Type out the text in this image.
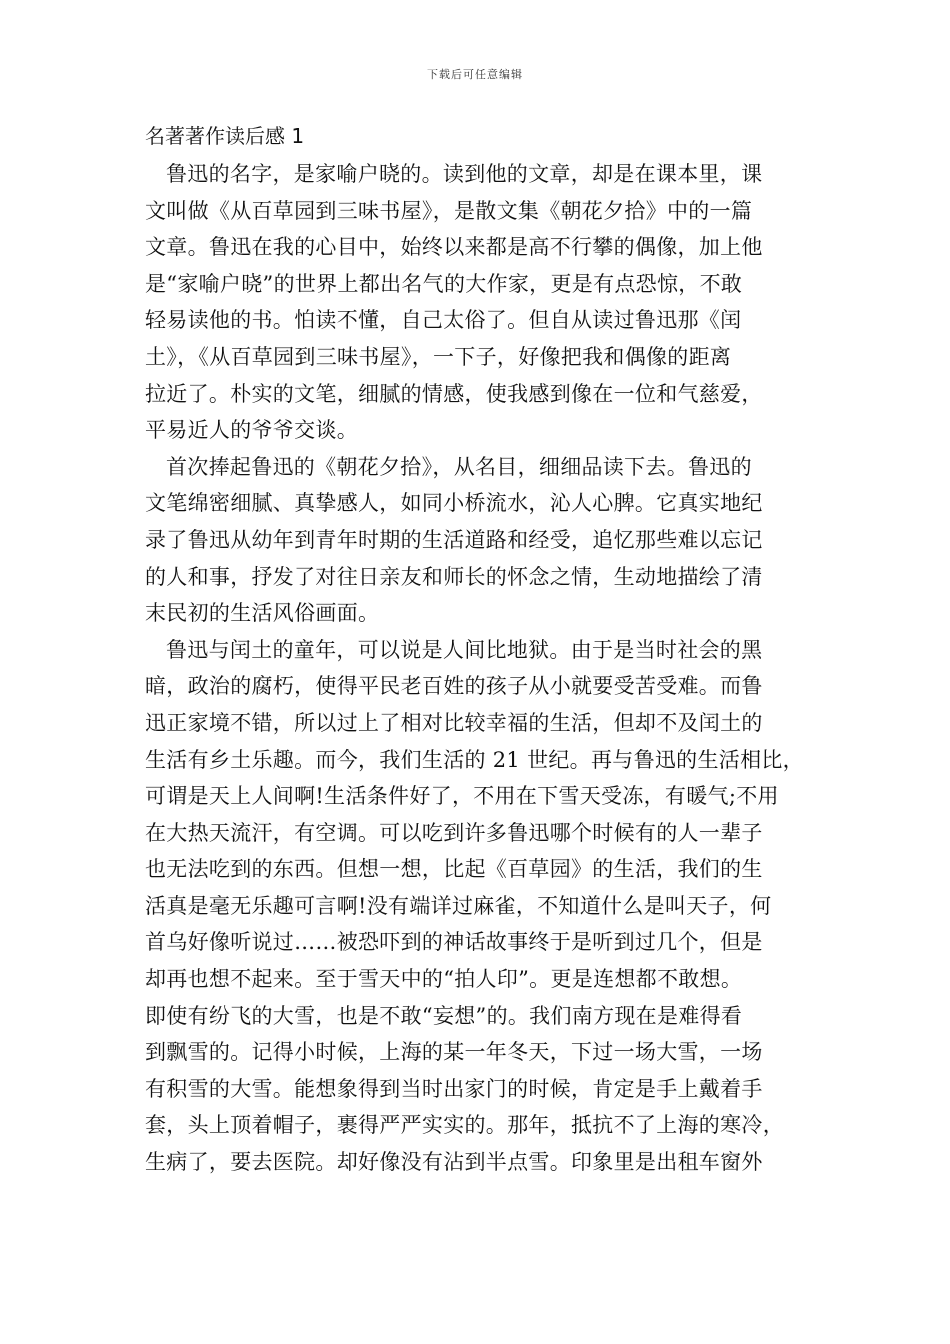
下载后可任意编辑
名著著作读后感 1
鲁迅的名字，是家喻户晓的。读到他的文章，却是在课本里，课
文叫做《从百草园到三味书屋》，是散文集《朝花夕拾》中的一篇
文章。鲁迅在我的心目中，始终以来都是高不行攀的偶像，加上他
是“家喻户晓”的世界上都出名气的大作家，更是有点恐惊，不敢
轻易读他的书。怕读不懂，自己太俗了。但自从读过鲁迅那《闰
土》，《从百草园到三味书屋》，一下子，好像把我和偶像的距离
拉近了。朴实的文笔，细腻的情感，使我感到像在一位和气慈爱，
平易近人的爷爷交谈。
首次捧起鲁迅的《朝花夕拾》，从名目，细细品读下去。鲁迅的
文笔绵密细腻、真挚感人，如同小桥流水，沁人心脾。它真实地纪
录了鲁迅从幼年到青年时期的生活道路和经受，追忆那些难以忘记
的人和事，抒发了对往日亲友和师长的怀念之情，生动地描绘了清
末民初的生活风俗画面。
鲁迅与闰土的童年，可以说是人间比地狱。由于是当时社会的黑
暗，政治的腐朽，使得平民老百姓的孩子从小就要受苦受难。而鲁
迅正家境不错，所以过上了相对比较幸福的生活，但却不及闰土的
生活有乡土乐趣。而今，我们生活的 21 世纪。再与鲁迅的生活相比，
可谓是天上人间啊!生活条件好了，不用在下雪天受冻，有暖气;不用
在大热天流汗，有空调。可以吃到许多鲁迅哪个时候有的人一辈子
也无法吃到的东西。但想一想，比起《百草园》的生活，我们的生
活真是毫无乐趣可言啊!没有端详过麻雀，不知道什么是叫天子，何
首乌好像听说过……被恐吓到的神话故事终于是听到过几个，但是
却再也想不起来。至于雪天中的“拍人印”。更是连想都不敢想。
即使有纷飞的大雪，也是不敢“妄想”的。我们南方现在是难得看
到飘雪的。记得小时候，上海的某一年冬天，下过一场大雪，一场
有积雪的大雪。能想象得到当时出家门的时候，肯定是手上戴着手
套，头上顶着帽子，裹得严严实实的。那年，抵抗不了上海的寒冷，
生病了，要去医院。却好像没有沾到半点雪。印象里是出租车窗外
